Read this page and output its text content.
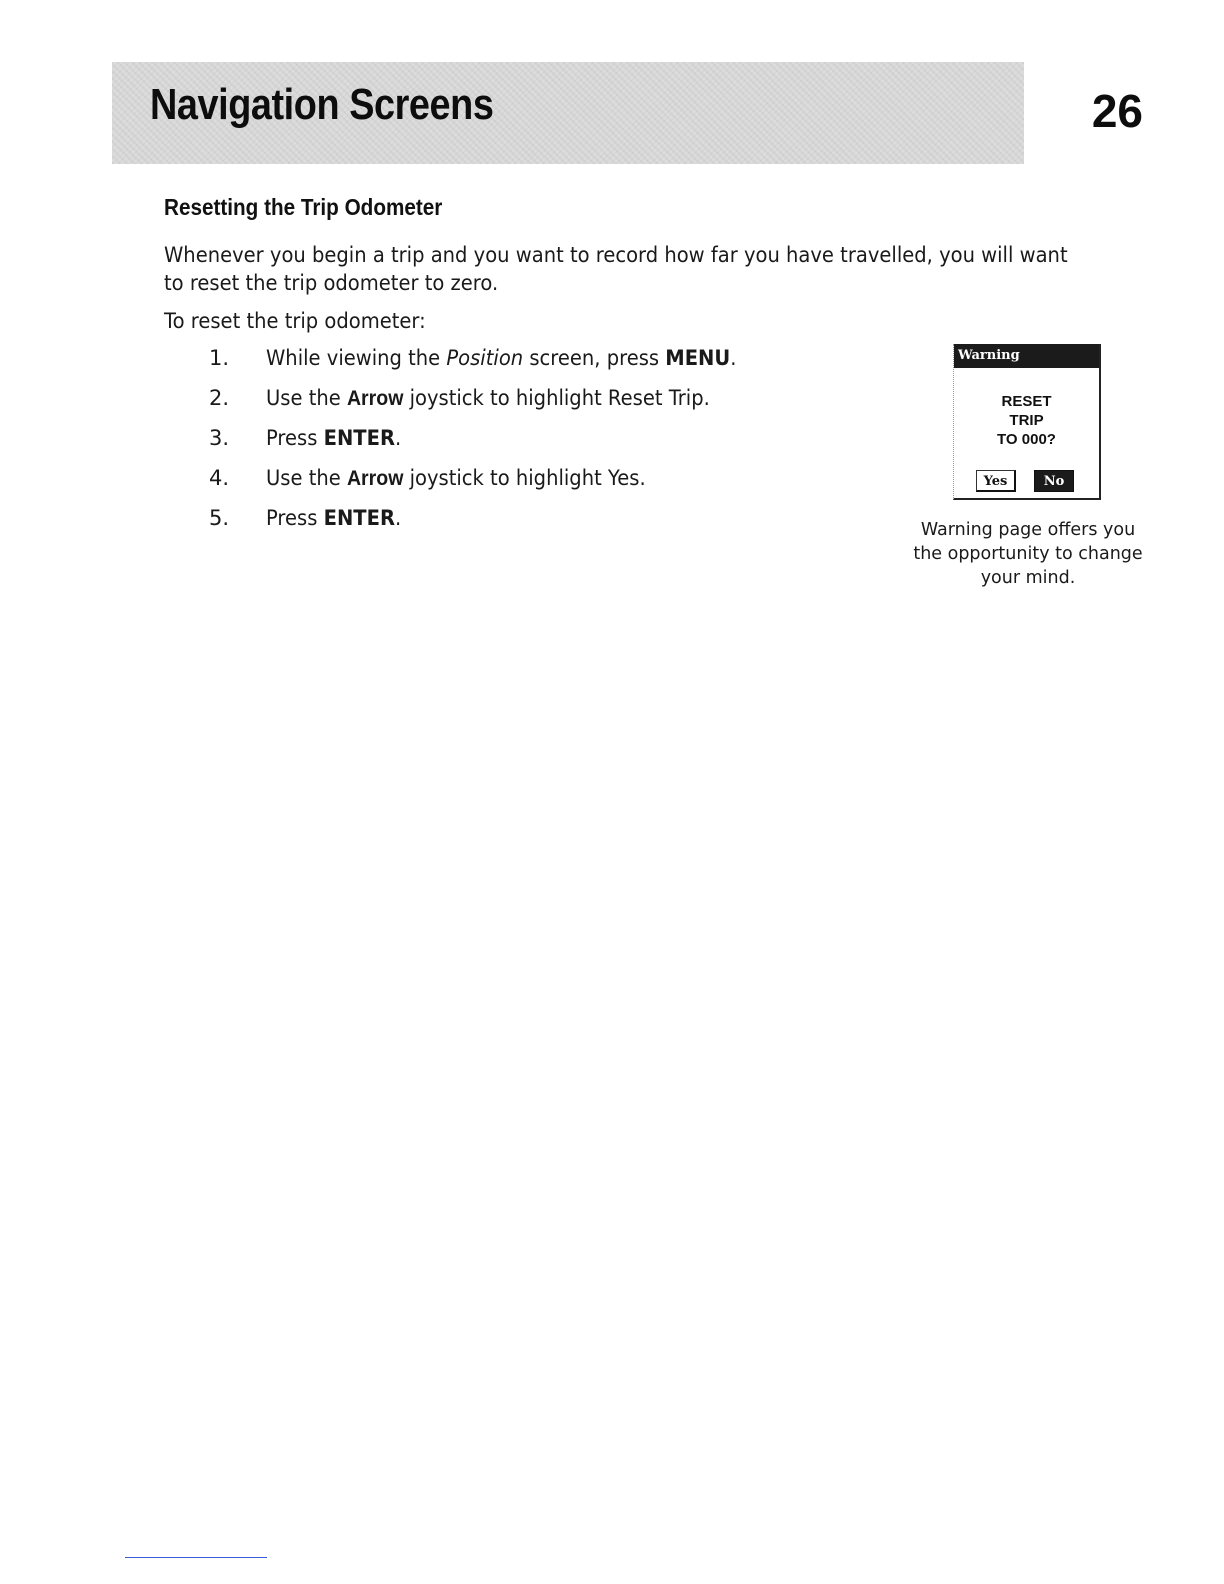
Navigation Screens	26
Resetting the Trip Odometer
Whenever you begin a trip and you want to record how far you have travelled, you will want to reset the trip odometer to zero.
To reset the trip odometer:
1.	While viewing the Position screen, press MENU.
2.	Use the Arrow joystick to highlight Reset Trip.
3.	Press ENTER.
4.	Use the Arrow joystick to highlight Yes.
5.	Press ENTER.
Warning
RESET
TRIP
TO 000?
Yes	No
Warning page offers you
the opportunity to change
your mind.
